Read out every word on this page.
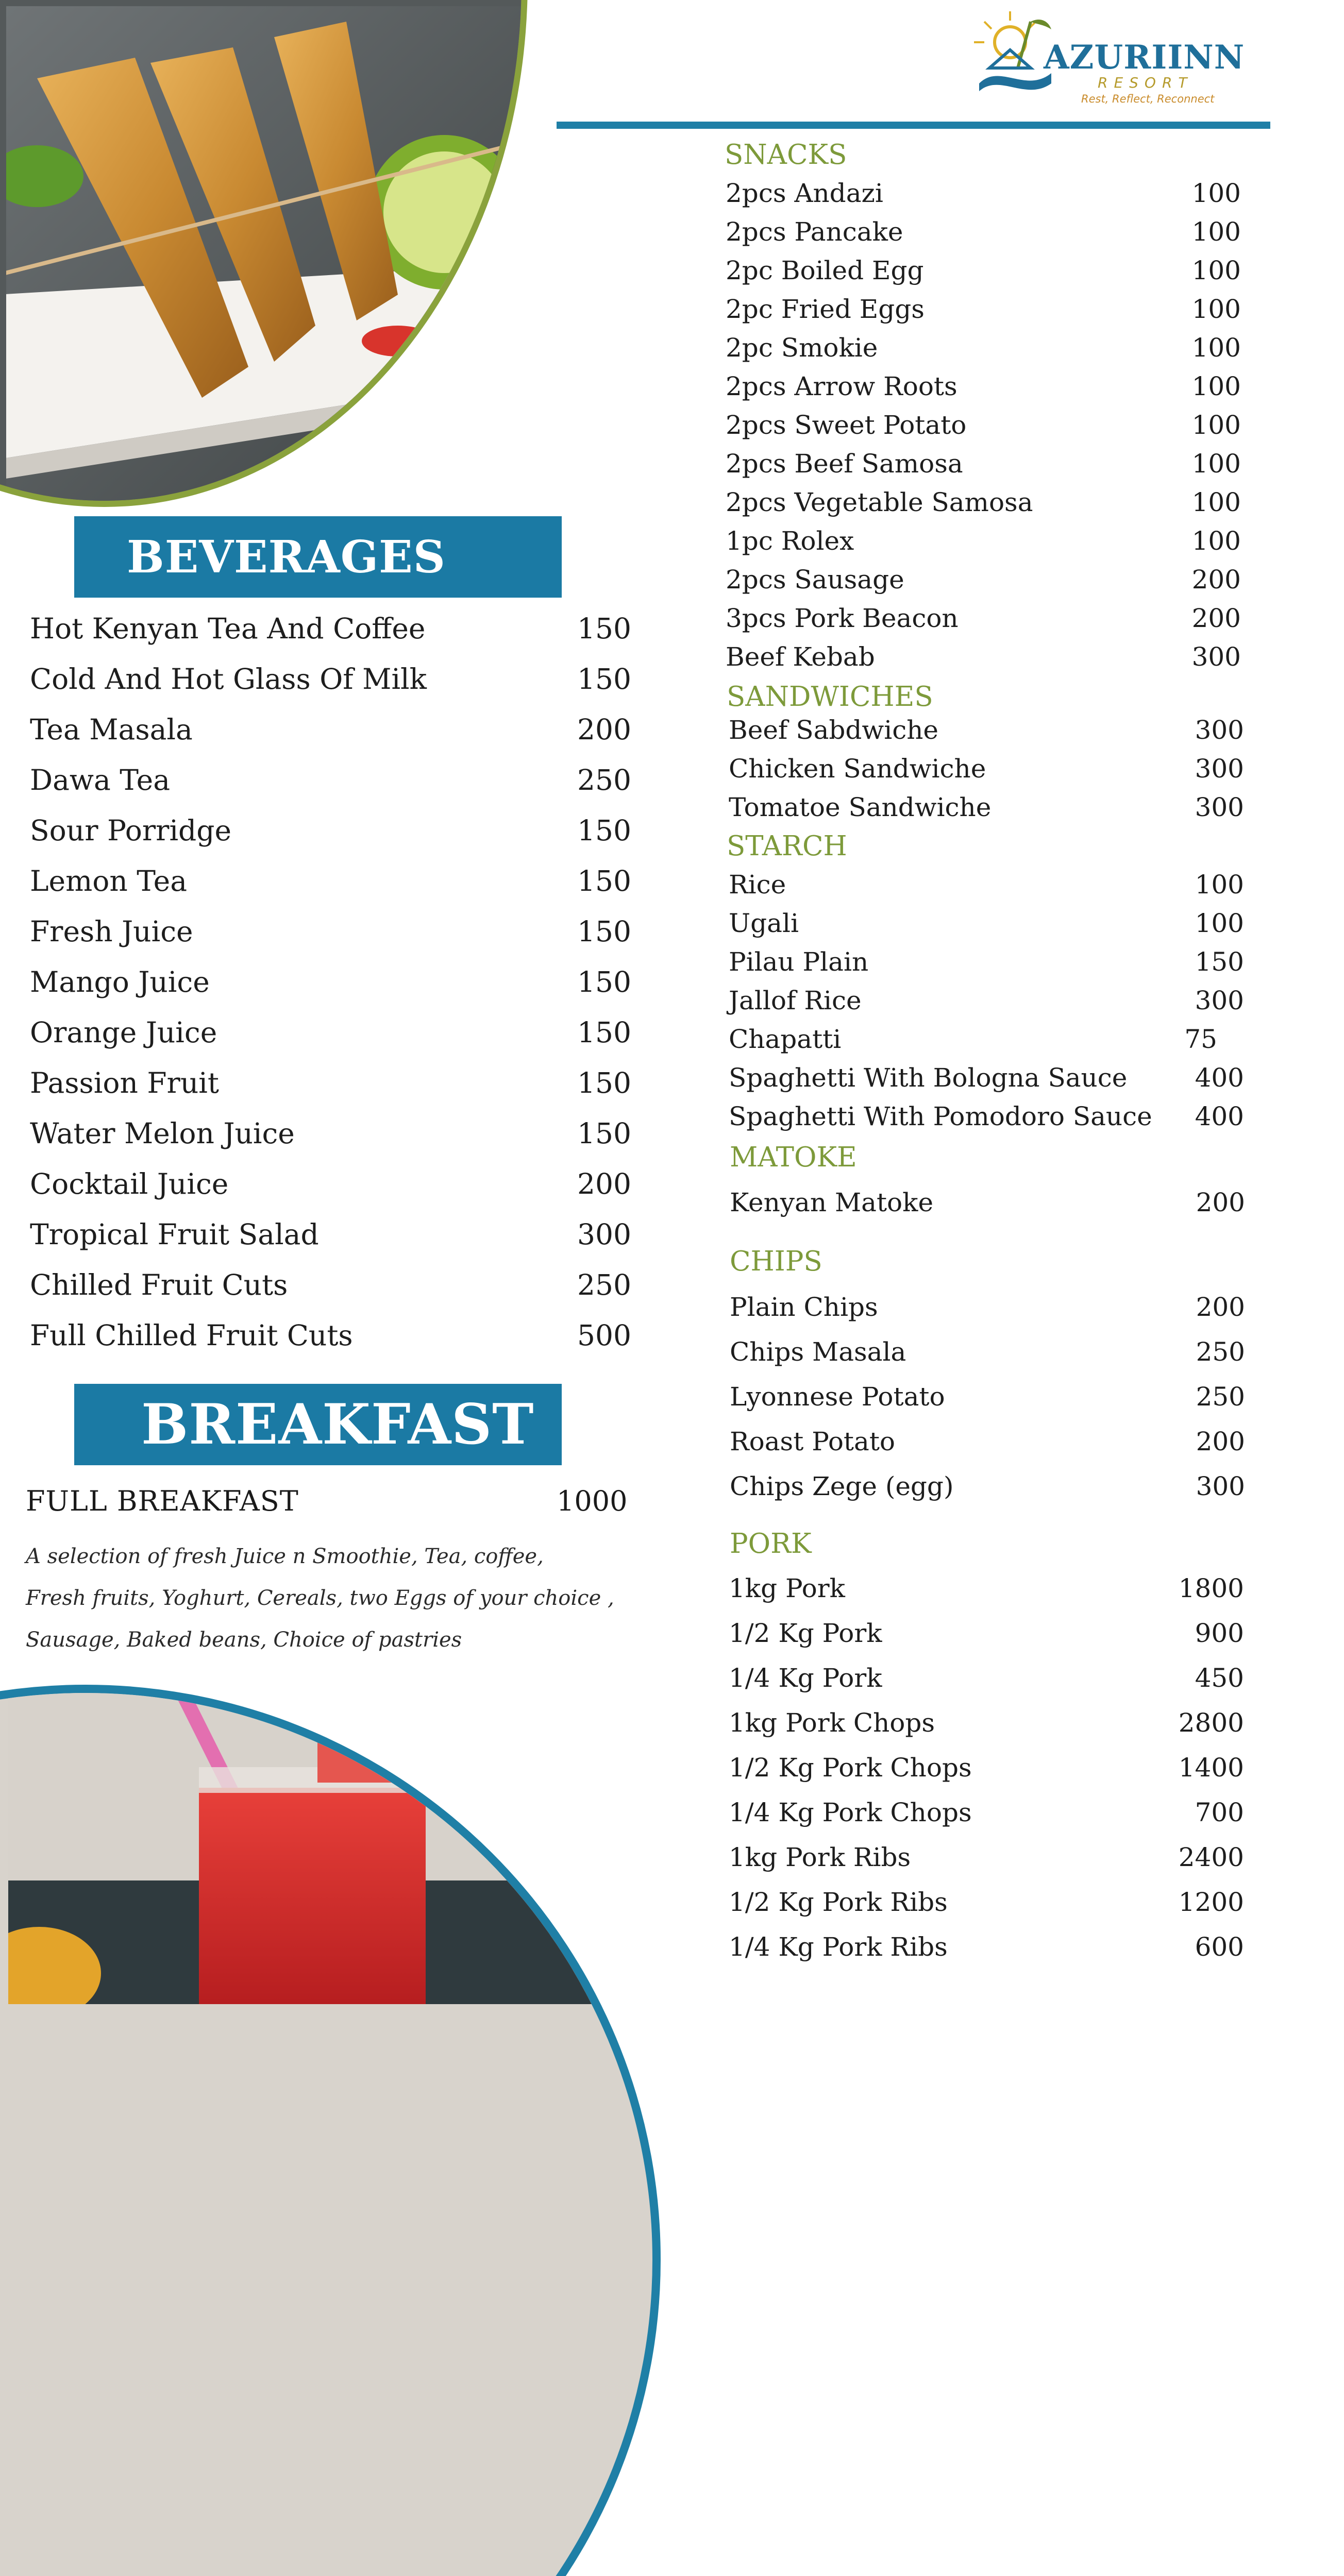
AZURIINN
RESORT
Rest, Reflect, Reconnect
BEVERAGES
Hot Kenyan Tea And Coffee	150
Cold And Hot Glass Of Milk	150
Tea Masala	200
Dawa Tea	250
Sour Porridge	150
Lemon Tea	150
Fresh Juice	150
Mango Juice	150
Orange Juice	150
Passion Fruit	150
Water Melon Juice	150
Cocktail Juice	200
Tropical Fruit Salad	300
Chilled Fruit Cuts	250
Full Chilled Fruit Cuts	500
BREAKFAST
FULL BREAKFAST	1000
A selection of fresh Juice n Smoothie, Tea, coffee,
Fresh fruits, Yoghurt, Cereals, two Eggs of your choice ,
Sausage, Baked beans, Choice of pastries
SNACKS
2pcs Andazi	100
2pcs Pancake	100
2pc Boiled Egg	100
2pc Fried Eggs	100
2pc Smokie	100
2pcs Arrow Roots	100
2pcs Sweet Potato	100
2pcs Beef Samosa	100
2pcs Vegetable Samosa	100
1pc Rolex	100
2pcs Sausage	200
3pcs Pork Beacon	200
Beef Kebab	300
SANDWICHES
Beef Sabdwiche	300
Chicken Sandwiche	300
Tomatoe Sandwiche	300
STARCH
Rice	100
Ugali	100
Pilau Plain	150
Jallof Rice	300
Chapatti	75
Spaghetti With Bologna Sauce	400
Spaghetti With Pomodoro Sauce 400
MATOKE
Kenyan Matoke	200
CHIPS
Plain Chips	200
Chips Masala	250
Lyonnese Potato	250
Roast Potato	200
Chips Zege (egg)	300
PORK
1kg Pork	1800
1/2 Kg Pork	900
1/4 Kg Pork	450
1kg Pork Chops	2800
1/2 Kg Pork Chops	1400
1/4 Kg Pork Chops	700
1kg Pork Ribs	2400
1/2 Kg Pork Ribs	1200
1/4 Kg Pork Ribs	600
